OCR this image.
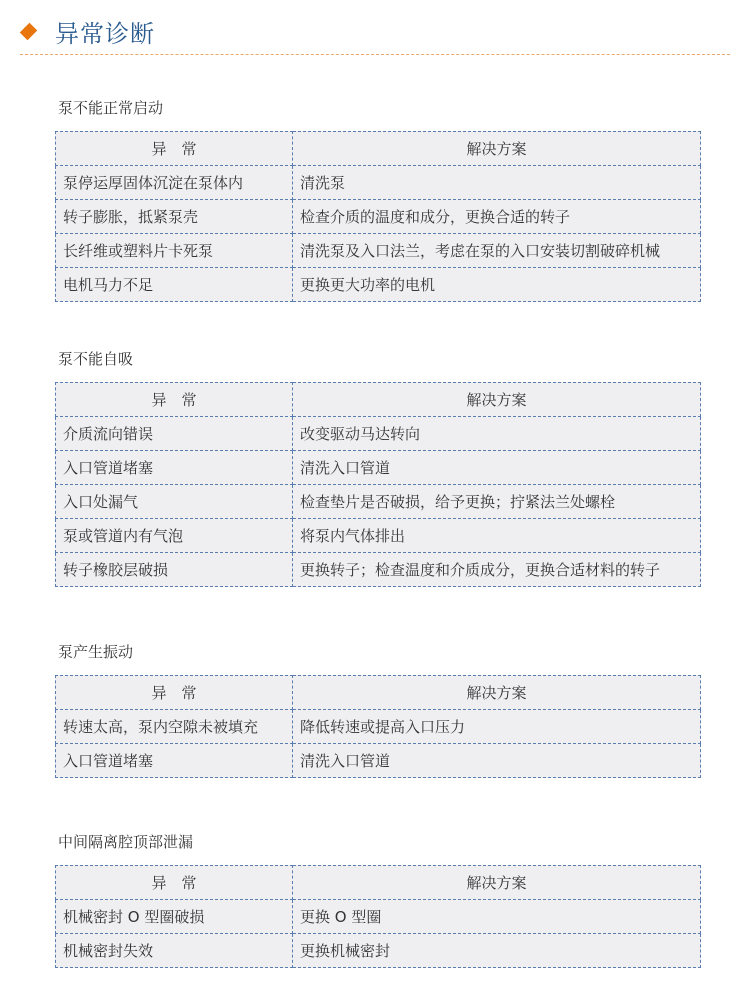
异常诊断
泵不能正常启动
异　常	解决方案
泵停运厚固体沉淀在泵体内	清洗泵
转子膨胀，抵紧泵壳	检查介质的温度和成分，更换合适的转子
长纤维或塑料片卡死泵	清洗泵及入口法兰，考虑在泵的入口安装切割破碎机械
电机马力不足	更换更大功率的电机
泵不能自吸
异　常	解决方案
介质流向错误	改变驱动马达转向
入口管道堵塞	清洗入口管道
入口处漏气	检查垫片是否破损，给予更换；拧紧法兰处螺栓
泵或管道内有气泡	将泵内气体排出
转子橡胶层破损	更换转子；检查温度和介质成分，更换合适材料的转子
泵产生振动
异　常	解决方案
转速太高，泵内空隙未被填充	降低转速或提高入口压力
入口管道堵塞	清洗入口管道
中间隔离腔顶部泄漏
异　常	解决方案
机械密封 O 型圈破损	更换 O 型圈
机械密封失效	更换机械密封
